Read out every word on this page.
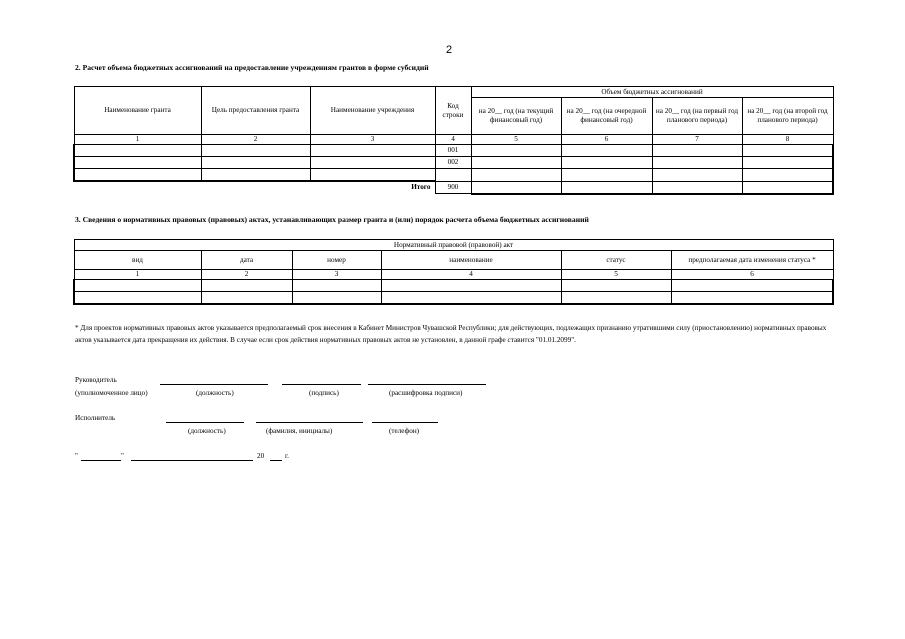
2
2. Расчет объема бюджетных ассигнований на предоставление учреждениям грантов в форме субсидий
Наименование гранта	Цель предоставления гранта	Наименование учреждения	Код строки	Объем бюджетных ассигнований			
				на 20__ год (на текущий финансовый год)	на 20__ год (на очередной финансовый год)	на 20__ год (на первый год планового периода)	на 20__ год (на второй год планового периода)
1	2	3	4	5	6	7	8
			001				
			002				

Итого			900				
3. Сведения о нормативных правовых (правовых) актах, устанавливающих размер гранта и (или) порядок расчета объема бюджетных ассигнований
Нормативный правовой (правовой) акт					
вид	дата	номер	наименование	статус	предполагаемая дата изменения статуса *
1	2	3	4	5	6

* Для проектов нормативных правовых актов указывается предполагаемый срок внесения в Кабинет Министров Чувашской Республики; для действующих, подлежащих признанию утратившими силу (приостановлению) нормативных правовых актов указывается дата прекращения их действия. В случае если срок действия нормативных правовых актов не установлен, в данной графе ставится "01.01.2099".
Руководитель
(уполномоченное лицо)	(должность)	(подпись)	(расшифровка подписи)
Исполнитель
(должность)	(фамилия, инициалы)	(телефон)
"	"	20	г.
